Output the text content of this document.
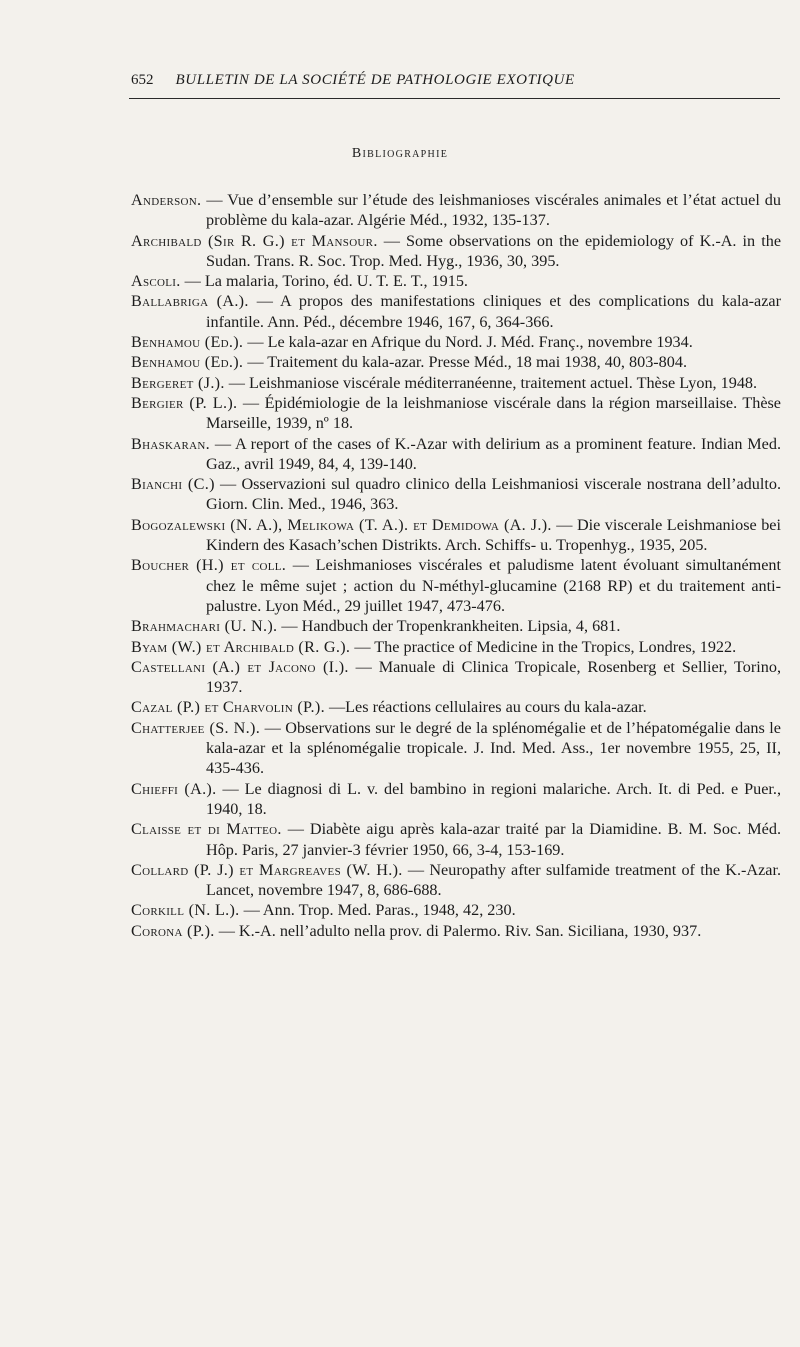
652 BULLETIN DE LA SOCIÉTÉ DE PATHOLOGIE EXOTIQUE
Bibliographie
Anderson. — Vue d’ensemble sur l’étude des leishmanioses viscérales animales et l’état actuel du problème du kala-azar. Algérie Méd., 1932, 135-137.
Archibald (Sir R. G.) et Mansour. — Some observations on the epidemiology of K.-A. in the Sudan. Trans. R. Soc. Trop. Med. Hyg., 1936, 30, 395.
Ascoli. — La malaria, Torino, éd. U. T. E. T., 1915.
Ballabriga (A.). — A propos des manifestations cliniques et des complications du kala-azar infantile. Ann. Péd., décembre 1946, 167, 6, 364-366.
Benhamou (Ed.). — Le kala-azar en Afrique du Nord. J. Méd. Franç., novembre 1934.
Benhamou (Ed.). — Traitement du kala-azar. Presse Méd., 18 mai 1938, 40, 803-804.
Bergeret (J.). — Leishmaniose viscérale méditerranéenne, traitement actuel. Thèse Lyon, 1948.
Bergier (P. L.). — Épidémiologie de la leishmaniose viscérale dans la région marseillaise. Thèse Marseille, 1939, nº 18.
Bhaskaran. — A report of the cases of K.-Azar with delirium as a prominent feature. Indian Med. Gaz., avril 1949, 84, 4, 139-140.
Bianchi (C.) — Osservazioni sul quadro clinico della Leishmaniosi viscerale nostrana dell’adulto. Giorn. Clin. Med., 1946, 363.
Bogozalewski (N. A.), Melikowa (T. A.). et Demidowa (A. J.). — Die viscerale Leishmaniose bei Kindern des Kasach’schen Distrikts. Arch. Schiffs- u. Tropenhyg., 1935, 205.
Boucher (H.) et coll. — Leishmanioses viscérales et paludisme latent évoluant simultanément chez le même sujet ; action du N-méthyl-glucamine (2168 RP) et du traitement anti-palustre. Lyon Méd., 29 juillet 1947, 473-476.
Brahmachari (U. N.). — Handbuch der Tropenkrankheiten. Lipsia, 4, 681.
Byam (W.) et Archibald (R. G.). — The practice of Medicine in the Tropics, Londres, 1922.
Castellani (A.) et Jacono (I.). — Manuale di Clinica Tropicale, Rosenberg et Sellier, Torino, 1937.
Cazal (P.) et Charvolin (P.). —Les réactions cellulaires au cours du kala-azar.
Chatterjee (S. N.). — Observations sur le degré de la splénomégalie et de l’hépatomégalie dans le kala-azar et la splénomégalie tropicale. J. Ind. Med. Ass., 1er novembre 1955, 25, II, 435-436.
Chieffi (A.). — Le diagnosi di L. v. del bambino in regioni malariche. Arch. It. di Ped. e Puer., 1940, 18.
Claisse et di Matteo. — Diabète aigu après kala-azar traité par la Diamidine. B. M. Soc. Méd. Hôp. Paris, 27 janvier-3 février 1950, 66, 3-4, 153-169.
Collard (P. J.) et Margreaves (W. H.). — Neuropathy after sulfamide treatment of the K.-Azar. Lancet, novembre 1947, 8, 686-688.
Corkill (N. L.). — Ann. Trop. Med. Paras., 1948, 42, 230.
Corona (P.). — K.-A. nell’adulto nella prov. di Palermo. Riv. San. Siciliana, 1930, 937.
